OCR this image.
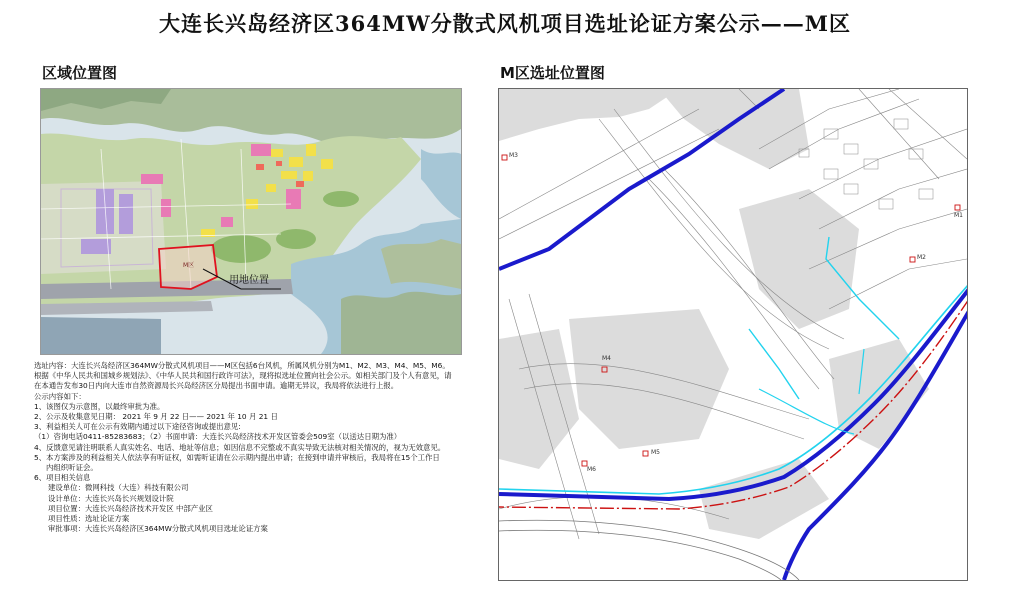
大连长兴岛经济区364MW分散式风机项目选址论证方案公示——M区
区域位置图	M区选址位置图
M区
用地位置
M3
M1
M2
M4
M5
M6

选址内容：大连长兴岛经济区364MW分散式风机项目——M区包括6台风机，所属风机分别为M1、M2、M3、M4、M5、M6。

根据《中华人民共和国城乡规划法》、《中华人民共和国行政许可法》，现将拟选址位置向社会公示。如相关部门及个人有意见，请

在本通告发布30日内向大连市自然资源局长兴岛经济区分局提出书面申请。逾期无异议，我局将依法进行上报。

公示内容如下：

1、该图仅为示意图，以最终审批为准。

2、公示及收集意见日期： 2021 年 9 月 22 日—— 2021 年 10 月 21 日

3、利益相关人可在公示有效期内通过以下途径咨询或提出意见:

（1）咨询电话0411-85283683；（2）书面申请：大连长兴岛经济技术开发区管委会509室（以送达日期为准）

4、反馈意见请注明联系人真实姓名、电话、地址等信息；如因信息不完整或不真实导致无法核对相关情况的，视为无效意见。

5、本方案涉及的利益相关人依法享有听证权，如需听证请在公示期内提出申请；在接到申请并审核后，我局将在15个工作日

内组织听证会。

6、项目相关信息

建设单位：微网科技（大连）科技有限公司

设计单位：大连长兴岛长兴规划设计院

项目位置：大连长兴岛经济技术开发区 中部产业区

项目性质：选址论证方案

审批事项：大连长兴岛经济区364MW分散式风机项目选址论证方案
